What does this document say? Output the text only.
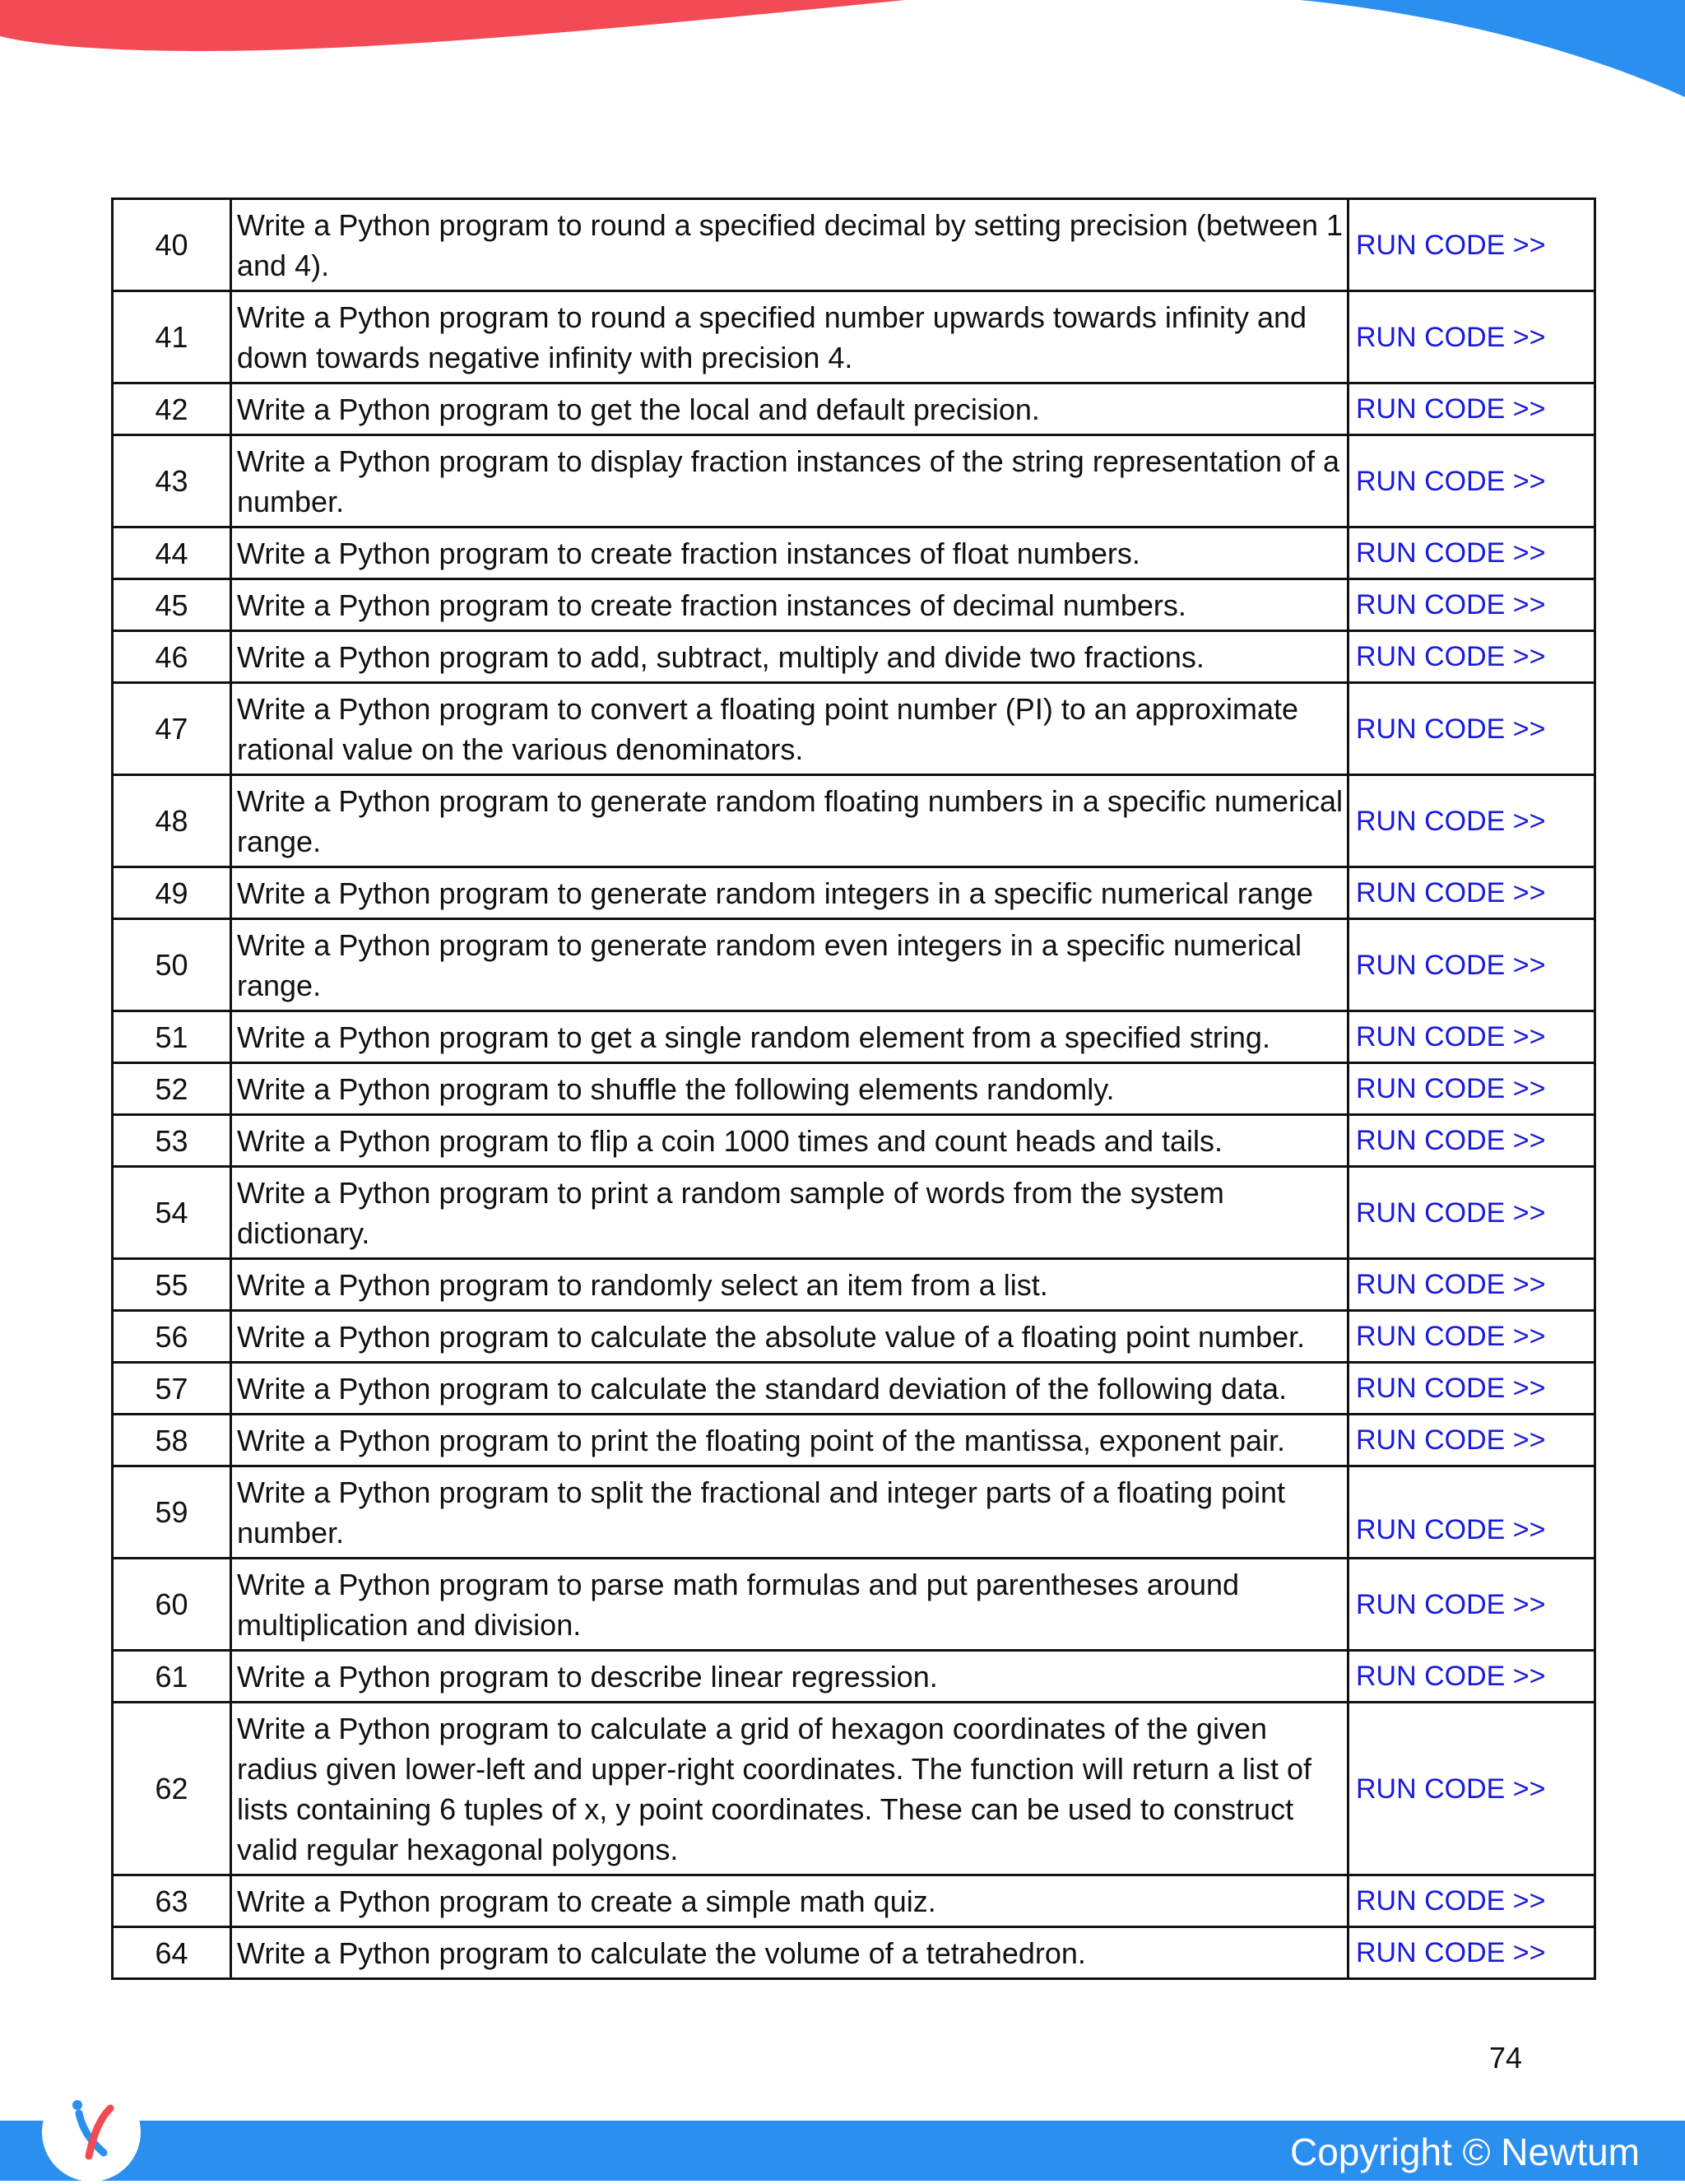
40	Write a Python program to round a specified decimal by setting precision (between 1 and 4).	RUN CODE >>
41	Write a Python program to round a specified number upwards towards infinity and down towards negative infinity with precision 4.	RUN CODE >>
42	Write a Python program to get the local and default precision.	RUN CODE >>
43	Write a Python program to display fraction instances of the string representation of a number.	RUN CODE >>
44	Write a Python program to create fraction instances of float numbers.	RUN CODE >>
45	Write a Python program to create fraction instances of decimal numbers.	RUN CODE >>
46	Write a Python program to add, subtract, multiply and divide two fractions.	RUN CODE >>
47	Write a Python program to convert a floating point number (PI) to an approximate rational value on the various denominators.	RUN CODE >>
48	Write a Python program to generate random floating numbers in a specific numerical range.	RUN CODE >>
49	Write a Python program to generate random integers in a specific numerical range	RUN CODE >>
50	Write a Python program to generate random even integers in a specific numerical range.	RUN CODE >>
51	Write a Python program to get a single random element from a specified string.	RUN CODE >>
52	Write a Python program to shuffle the following elements randomly.	RUN CODE >>
53	Write a Python program to flip a coin 1000 times and count heads and tails.	RUN CODE >>
54	Write a Python program to print a random sample of words from the system dictionary.	RUN CODE >>
55	Write a Python program to randomly select an item from a list.	RUN CODE >>
56	Write a Python program to calculate the absolute value of a floating point number.	RUN CODE >>
57	Write a Python program to calculate the standard deviation of the following data.	RUN CODE >>
58	Write a Python program to print the floating point of the mantissa, exponent pair.	RUN CODE >>
59	Write a Python program to split the fractional and integer parts of a floating point number.	RUN CODE >>
60	Write a Python program to parse math formulas and put parentheses around multiplication and division.	RUN CODE >>
61	Write a Python program to describe linear regression.	RUN CODE >>
62	Write a Python program to calculate a grid of hexagon coordinates of the given radius given lower-left and upper-right coordinates. The function will return a list of lists containing 6 tuples of x, y point coordinates. These can be used to construct valid regular hexagonal polygons.	RUN CODE >>
63	Write a Python program to create a simple math quiz.	RUN CODE >>
64	Write a Python program to calculate the volume of a tetrahedron.	RUN CODE >>
74
Copyright © Newtum
